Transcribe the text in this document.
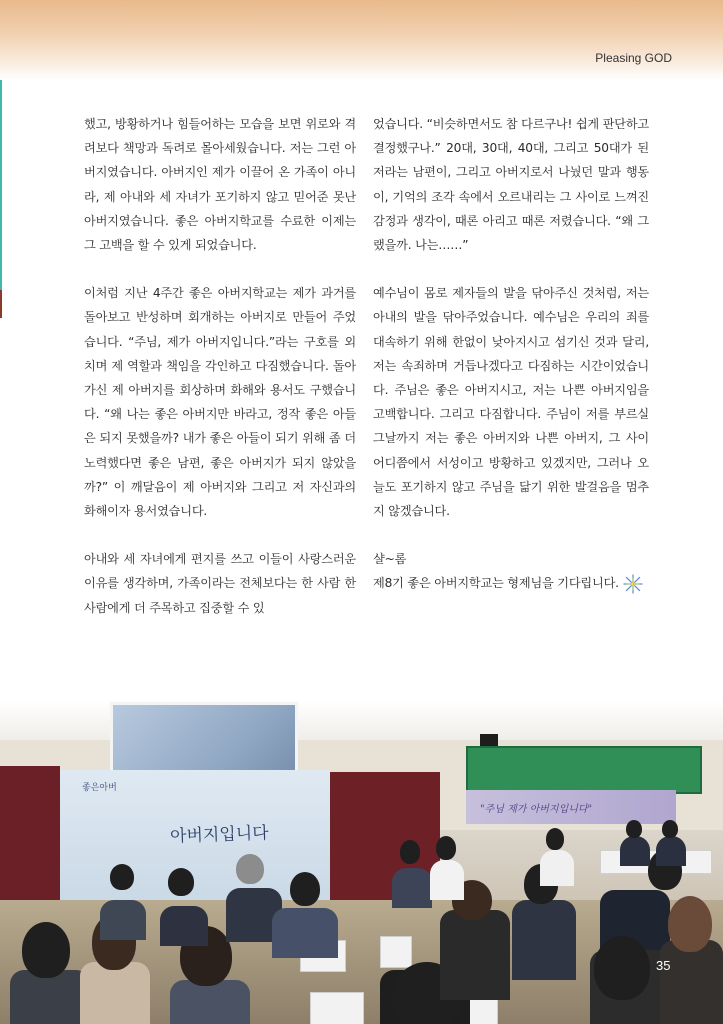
Pleasing GOD

했고, 방황하거나 힘들어하는 모습을 보면 위로와 격려보다 책망과 독려로 몰아세웠습니다. 저는 그런 아버지였습니다. 아버지인 제가 이끌어 온 가족이 아니라, 제 아내와 세 자녀가 포기하지 않고 믿어준 못난 아버지였습니다. 좋은 아버지학교를 수료한 이제는 그 고백을 할 수 있게 되었습니다.

이처럼 지난 4주간 좋은 아버지학교는 제가 과거를 돌아보고 반성하며 회개하는 아버지로 만들어 주었습니다. “주님, 제가 아버지입니다.”라는 구호를 외치며 제 역할과 책임을 각인하고 다짐했습니다. 돌아가신 제 아버지를 회상하며 화해와 용서도 구했습니다. “왜 나는 좋은 아버지만 바라고, 정작 좋은 아들은 되지 못했을까? 내가 좋은 아들이 되기 위해 좀 더 노력했다면 좋은 남편, 좋은 아버지가 되지 않았을까?” 이 깨달음이 제 아버지와 그리고 저 자신과의 화해이자 용서였습니다.

아내와 세 자녀에게 편지를 쓰고 이들이 사랑스러운 이유를 생각하며, 가족이라는 전체보다는 한 사람 한 사람에게 더 주목하고 집중할 수 있

었습니다. “비슷하면서도 참 다르구나! 쉽게 판단하고 결정했구나.” 20대, 30대, 40대, 그리고 50대가 된 저라는 남편이, 그리고 아버지로서 나눴던 말과 행동이, 기억의 조각 속에서 오르내리는 그 사이로 느껴진 감정과 생각이, 때론 아리고 때론 저렸습니다. “왜 그랬을까. 나는……”

예수님이 몸로 제자들의 발을 닦아주신 것처럼, 저는 아내의 발을 닦아주었습니다. 예수님은 우리의 죄를 대속하기 위해 한없이 낮아지시고 섬기신 것과 달리, 저는 속죄하며 거듭나겠다고 다짐하는 시간이었습니다. 주님은 좋은 아버지시고, 저는 나쁜 아버지임을 고백합니다. 그리고 다짐합니다. 주님이 저를 부르실 그날까지 저는 좋은 아버지와 나쁜 아버지, 그 사이 어디쯤에서 서성이고 방황하고 있겠지만, 그러나 오늘도 포기하지 않고 주님을 닮기 위한 발걸음을 멈추지 않겠습니다.

샬~롬

제8기 좋은 아버지학교는 형제님을 기다립니다.
좋은아버
아버지입니다
"주님 제가 아버지입니다"
35
